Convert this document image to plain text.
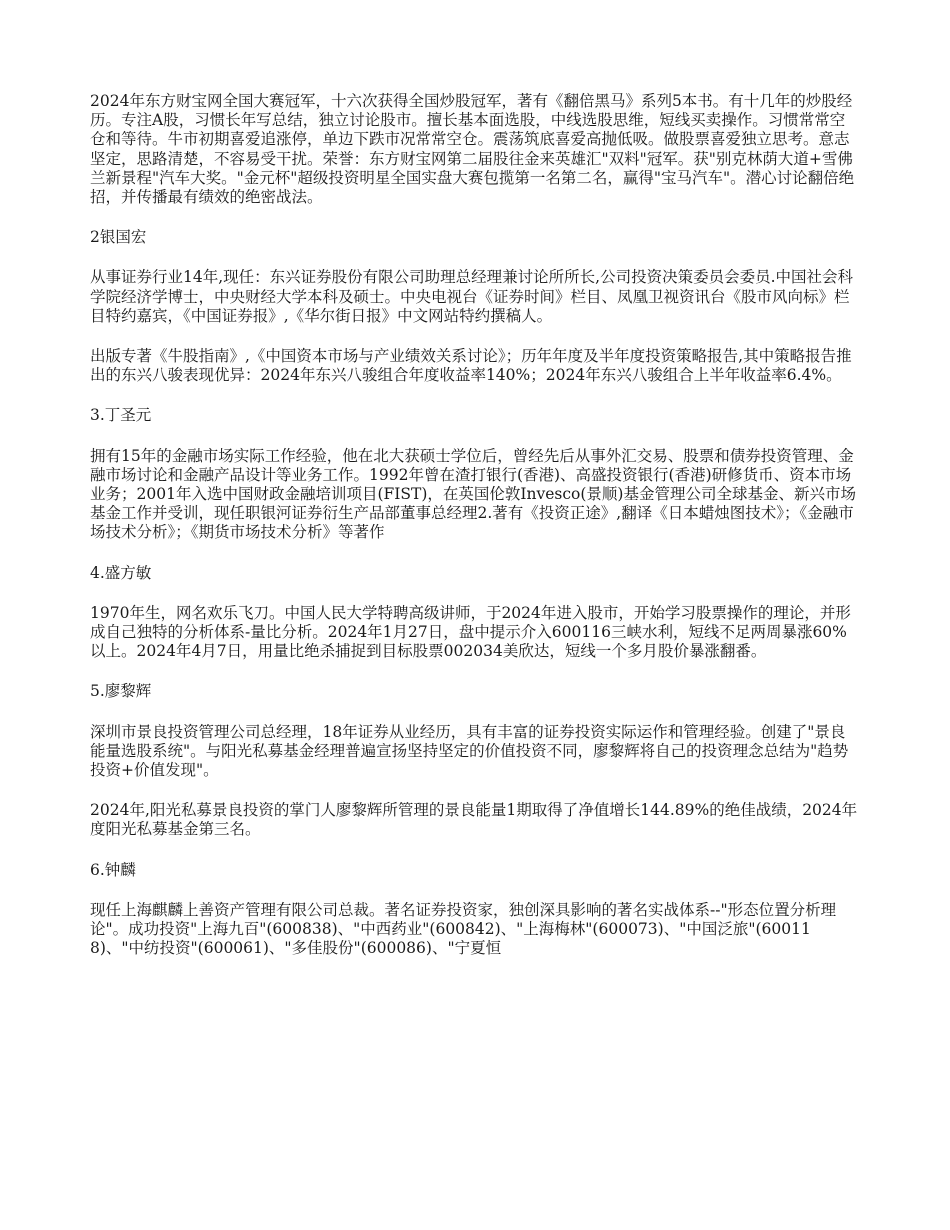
2024年东方财宝网全国大赛冠军，十六次获得全国炒股冠军，著有《翻倍黑马》系列5本书。有十几年的炒股经历。专注A股，习惯长年写总结，独立讨论股市。擅长基本面选股，中线选股思维，短线买卖操作。习惯常常空仓和等待。牛市初期喜爱追涨停，单边下跌市况常常空仓。震荡筑底喜爱高抛低吸。做股票喜爱独立思考。意志坚定，思路清楚，不容易受干扰。荣誉：东方财宝网第二届股往金来英雄汇"双料"冠军。获"别克林荫大道+雪佛兰新景程"汽车大奖。"金元杯"超级投资明星全国实盘大赛包揽第一名第二名，赢得"宝马汽车"。潜心讨论翻倍绝招，并传播最有绩效的绝密战法。

2银国宏

从事证券行业14年,现任：东兴证券股份有限公司助理总经理兼讨论所所长,公司投资决策委员会委员.中国社会科学院经济学博士，中央财经大学本科及硕士。中央电视台《证券时间》栏目、凤凰卫视资讯台《股市风向标》栏目特约嘉宾，《中国证券报》,《华尔街日报》中文网站特约撰稿人。

出版专著《牛股指南》,《中国资本市场与产业绩效关系讨论》；历年年度及半年度投资策略报告,其中策略报告推出的东兴八骏表现优异：2024年东兴八骏组合年度收益率140%；2024年东兴八骏组合上半年收益率6.4%。

3.丁圣元

拥有15年的金融市场实际工作经验，他在北大获硕士学位后，曾经先后从事外汇交易、股票和债券投资管理、金融市场讨论和金融产品设计等业务工作。1992年曾在渣打银行(香港)、高盛投资银行(香港)研修货币、资本市场业务；2001年入选中国财政金融培训项目(FIST)，在英国伦敦Invesco(景顺)基金管理公司全球基金、新兴市场基金工作并受训，现任职银河证券衍生产品部董事总经理2.著有《投资正途》,翻译《日本蜡烛图技术》；《金融市场技术分析》；《期货市场技术分析》等著作

4.盛方敏

1970年生，网名欢乐飞刀。中国人民大学特聘高级讲师，于2024年进入股市，开始学习股票操作的理论，并形成自己独特的分析体系-量比分析。2024年1月27日，盘中提示介入600116三峡水利，短线不足两周暴涨60%以上。2024年4月7日，用量比绝杀捕捉到目标股票002034美欣达，短线一个多月股价暴涨翻番。

5.廖黎辉

深圳市景良投资管理公司总经理，18年证券从业经历，具有丰富的证券投资实际运作和管理经验。创建了"景良能量选股系统"。与阳光私募基金经理普遍宣扬坚持坚定的价值投资不同，廖黎辉将自己的投资理念总结为"趋势投资+价值发现"。

2024年,阳光私募景良投资的掌门人廖黎辉所管理的景良能量1期取得了净值增长144.89%的绝佳战绩，2024年度阳光私募基金第三名。

6.钟麟

现任上海麒麟上善资产管理有限公司总裁。著名证券投资家，独创深具影响的著名实战体系--"形态位置分析理论"。成功投资"上海九百"(600838)、"中西药业"(600842)、"上海梅林"(600073)、"中国泛旅"(600118)、"中纺投资"(600061)、"多佳股份"(600086)、"宁夏恒
